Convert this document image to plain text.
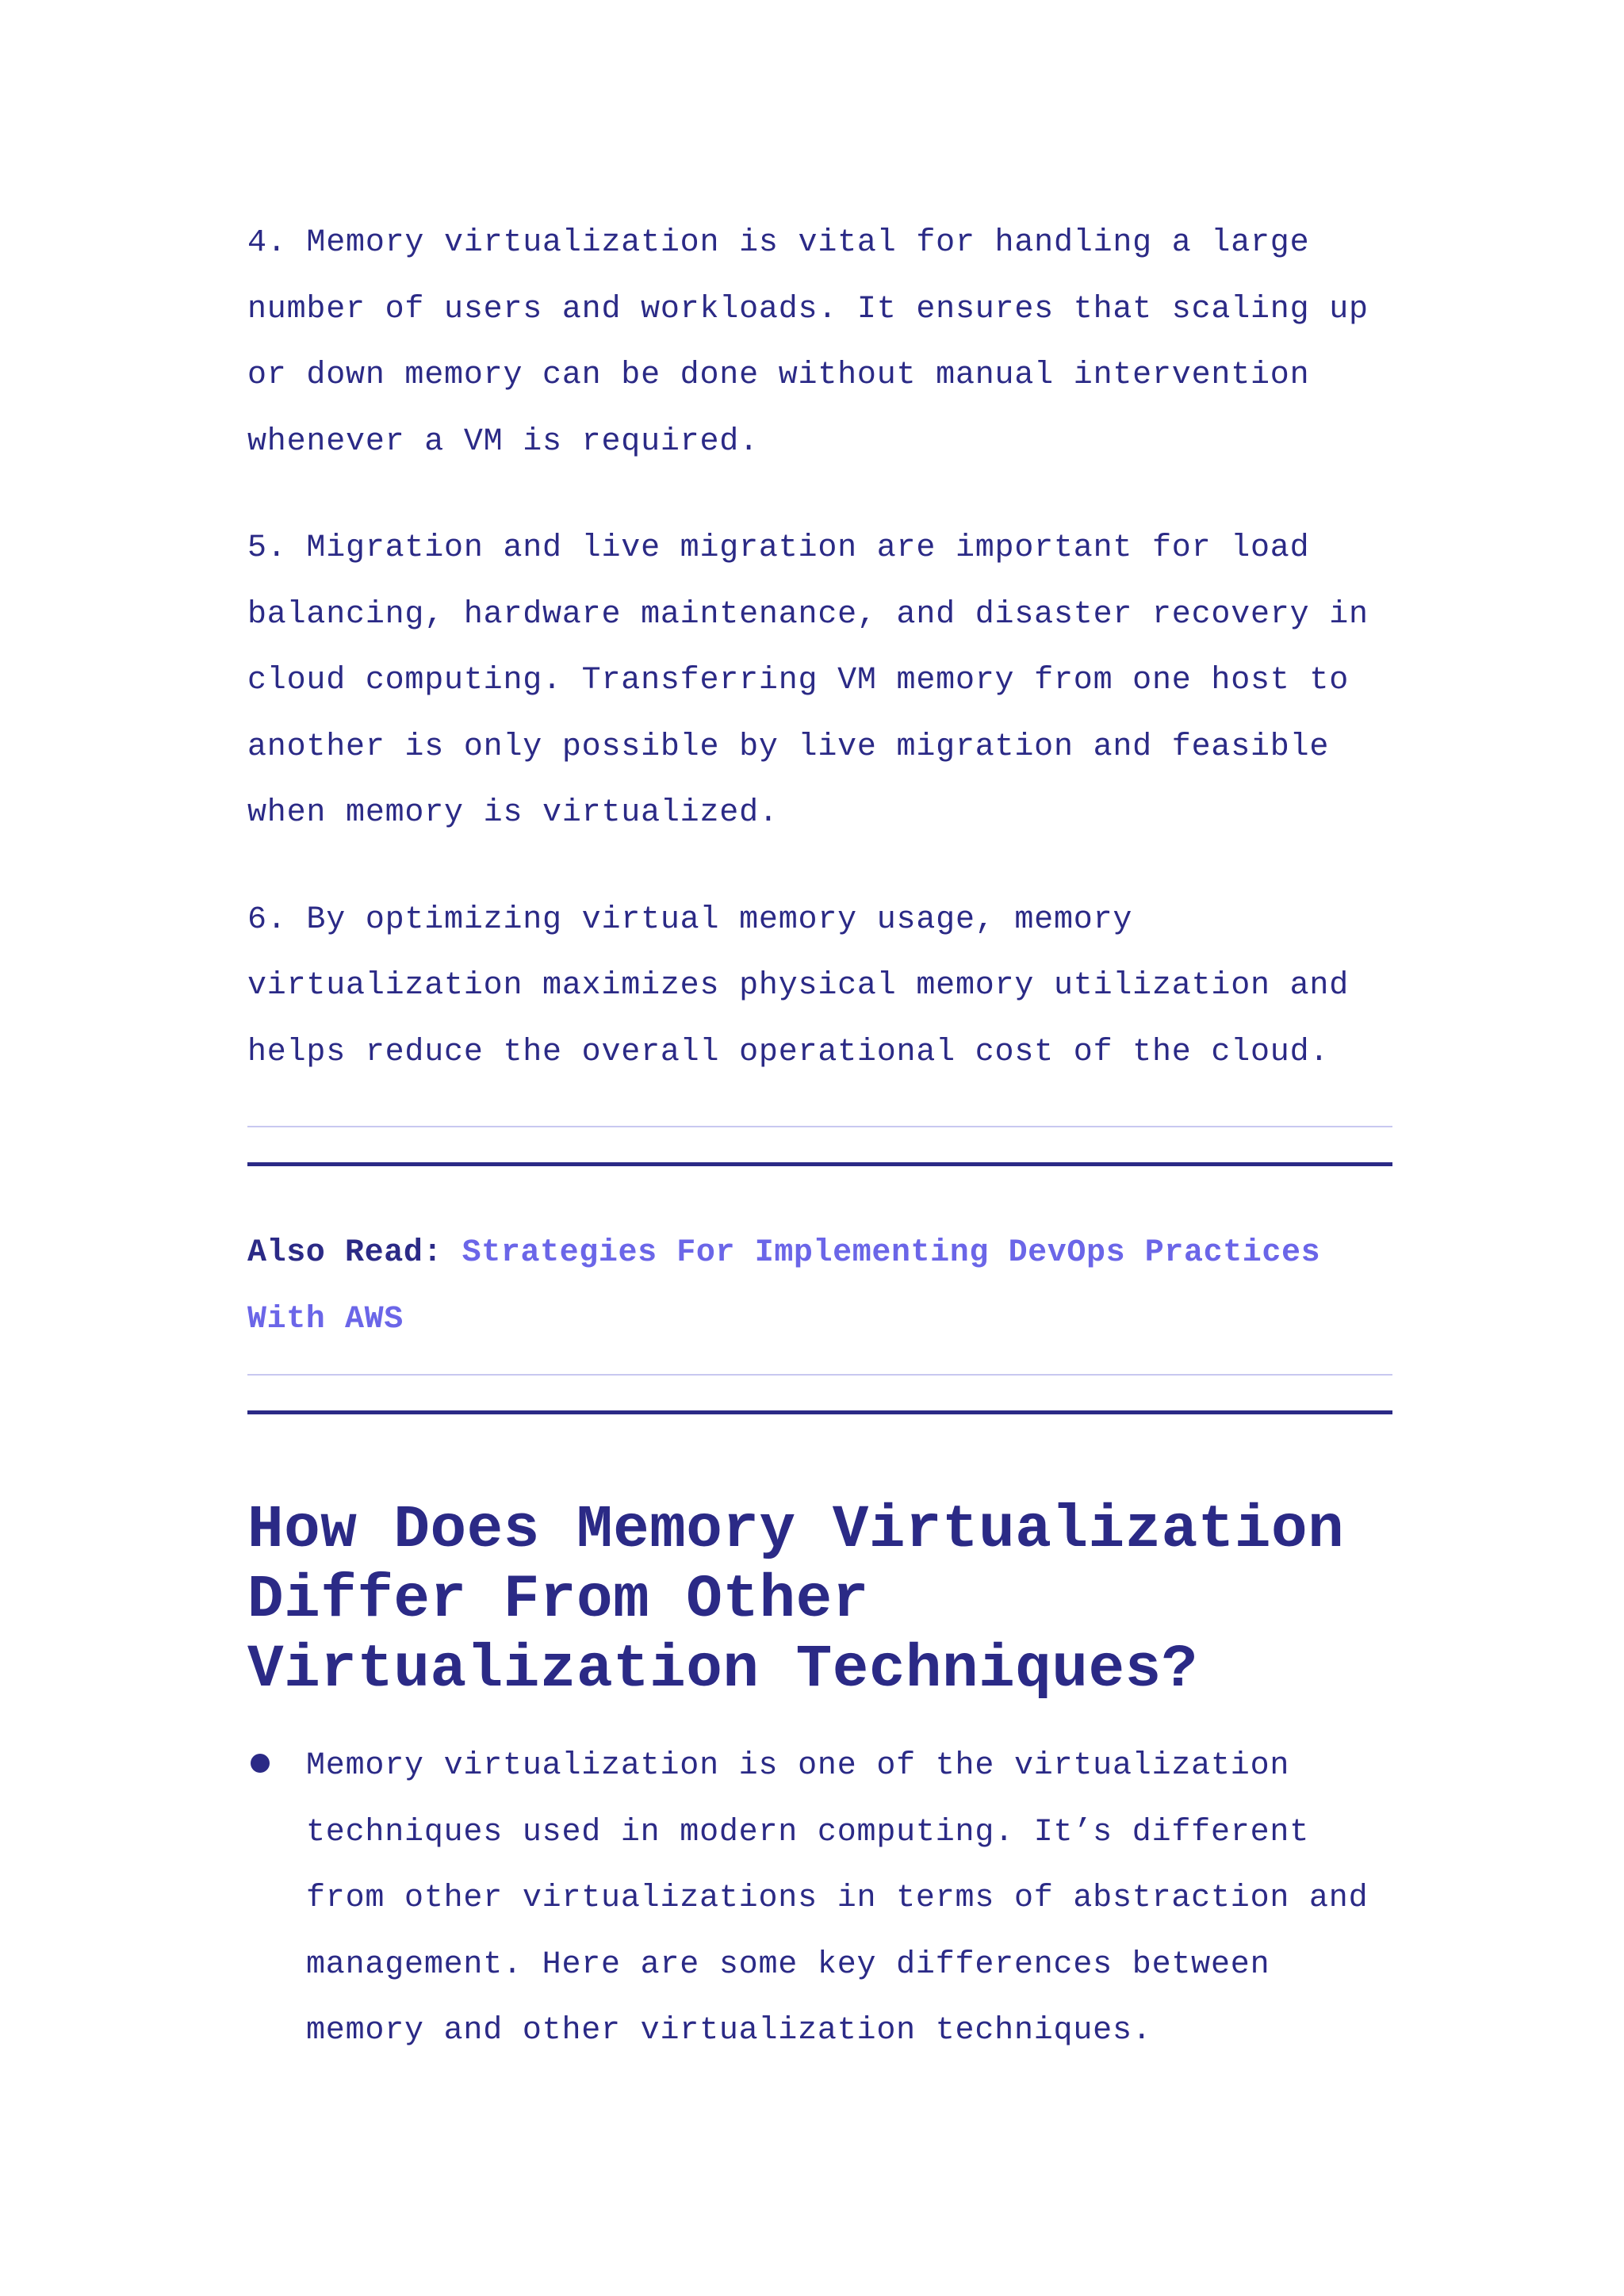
4. Memory virtualization is vital for handling a large number of users and workloads. It ensures that scaling up or down memory can be done without manual intervention whenever a VM is required.

5. Migration and live migration are important for load balancing, hardware maintenance, and disaster recovery in cloud computing. Transferring VM memory from one host to another is only possible by live migration and feasible when memory is virtualized.

6. By optimizing virtual memory usage, memory virtualization maximizes physical memory utilization and helps reduce the overall operational cost of the cloud.

Also Read: Strategies For Implementing DevOps Practices With AWS

How Does Memory Virtualization Differ From Other Virtualization Techniques?
Memory virtualization is one of the virtualization techniques used in modern computing. It’s different from other virtualizations in terms of abstraction and management. Here are some key differences between memory and other virtualization techniques.
